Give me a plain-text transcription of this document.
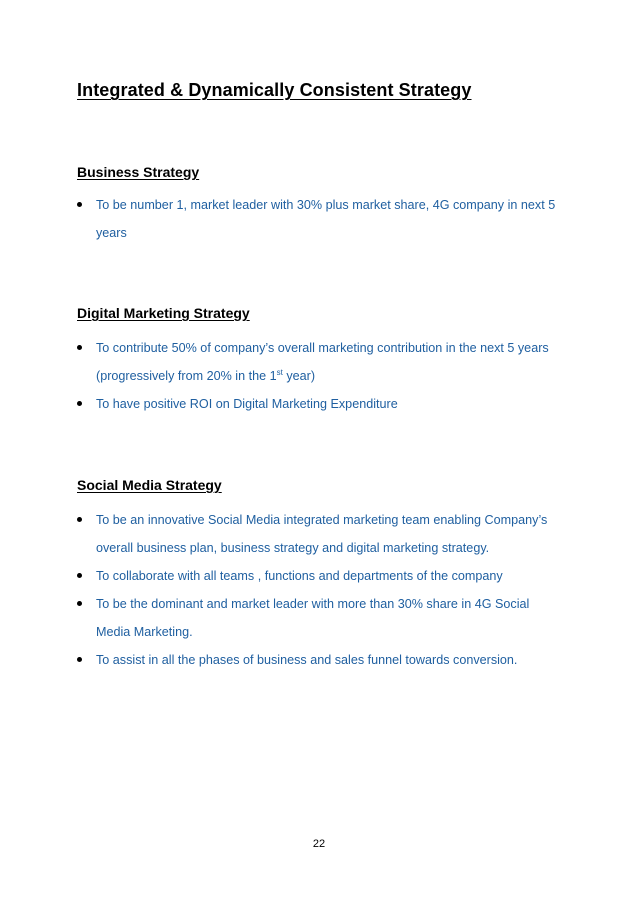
Integrated & Dynamically Consistent Strategy
Business Strategy
To be number 1, market leader with 30% plus market share, 4G company in next 5 years
Digital Marketing Strategy
To contribute 50% of company’s overall marketing contribution in the next 5 years (progressively from 20% in the 1st year)
To have positive ROI on Digital Marketing Expenditure
Social Media Strategy
To be an innovative Social Media integrated marketing team enabling Company’s overall business plan, business strategy and digital marketing strategy.
To collaborate with all teams , functions and departments of the company
To be the dominant and market leader with more than 30% share in 4G Social Media Marketing.
To assist in all the phases of business and sales funnel towards conversion.
22
